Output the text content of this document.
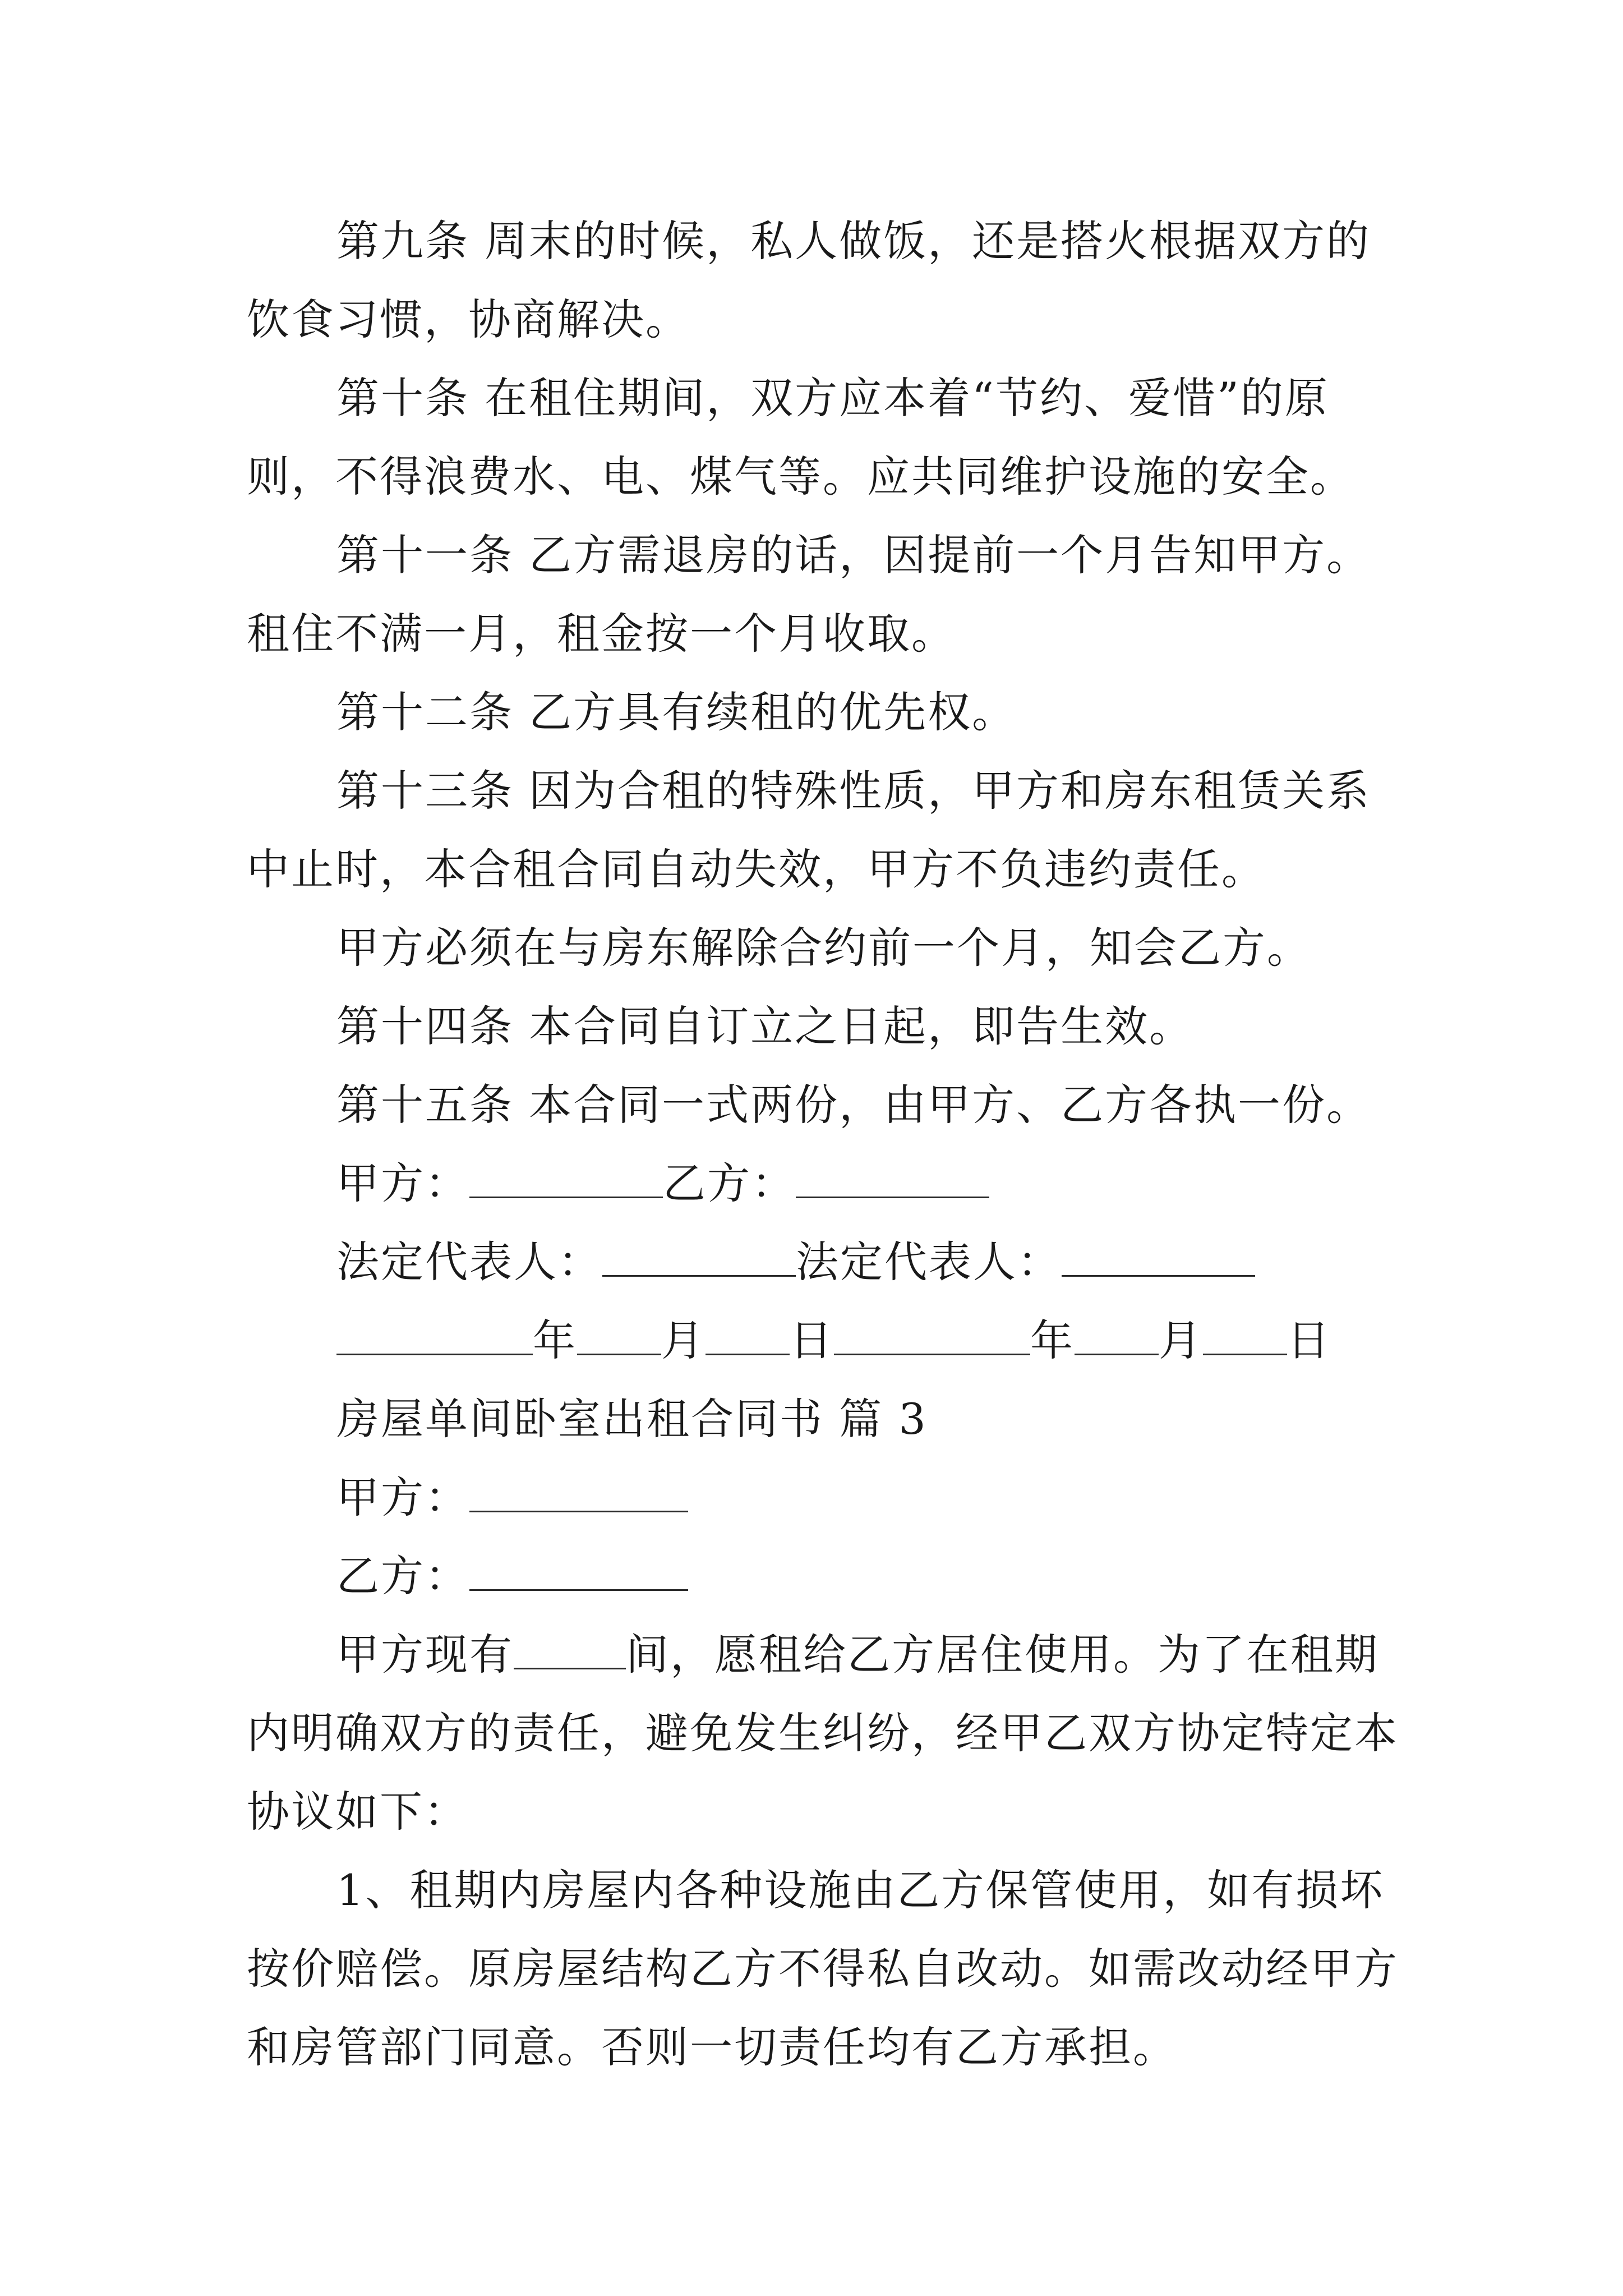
第九条 周末的时候，私人做饭，还是搭火根据双方的
饮食习惯，协商解决。
第十条 在租住期间，双方应本着“节约、爱惜”的原
则，不得浪费水、电、煤气等。应共同维护设施的安全。
第十一条 乙方需退房的话，因提前一个月告知甲方。
租住不满一月，租金按一个月收取。
第十二条 乙方具有续租的优先权。
第十三条 因为合租的特殊性质，甲方和房东租赁关系
中止时，本合租合同自动失效，甲方不负违约责任。
甲方必须在与房东解除合约前一个月，知会乙方。
第十四条 本合同自订立之日起，即告生效。
第十五条 本合同一式两份，由甲方、乙方各执一份。
甲方：	乙方：
法定代表人：	法定代表人：
年 月 日	年 月 日
房屋单间卧室出租合同书 篇 3
甲方：
乙方：
甲方现有	间，愿租给乙方居住使用。为了在租期
内明确双方的责任，避免发生纠纷，经甲乙双方协定特定本
协议如下：
1、租期内房屋内各种设施由乙方保管使用，如有损坏
按价赔偿。原房屋结构乙方不得私自改动。如需改动经甲方
和房管部门同意。否则一切责任均有乙方承担。
